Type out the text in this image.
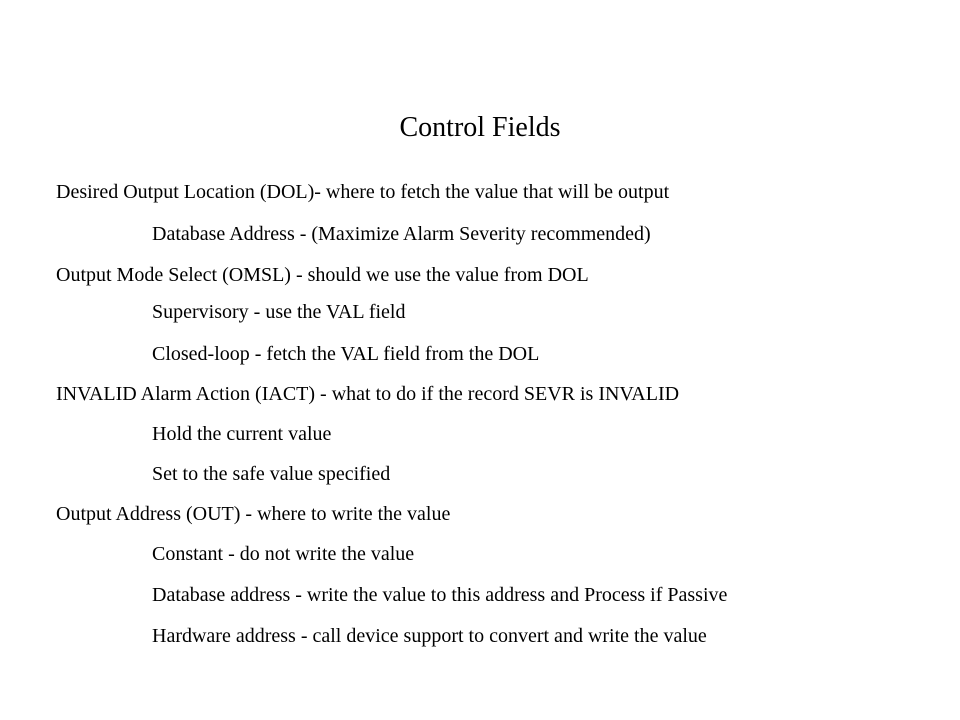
Control Fields
Desired Output Location (DOL)- where to fetch the value that will be output
Database Address - (Maximize Alarm Severity recommended)
Output Mode Select (OMSL) - should we use the value from DOL
Supervisory - use the VAL field
Closed-loop - fetch the VAL field from the DOL
INVALID Alarm Action (IACT) - what to do if the record SEVR is INVALID
Hold the current value
Set to the safe value specified
Output Address (OUT) - where to write the value
Constant - do not write the value
Database address - write the value to this address and Process if Passive
Hardware address - call device support to convert and write the value
